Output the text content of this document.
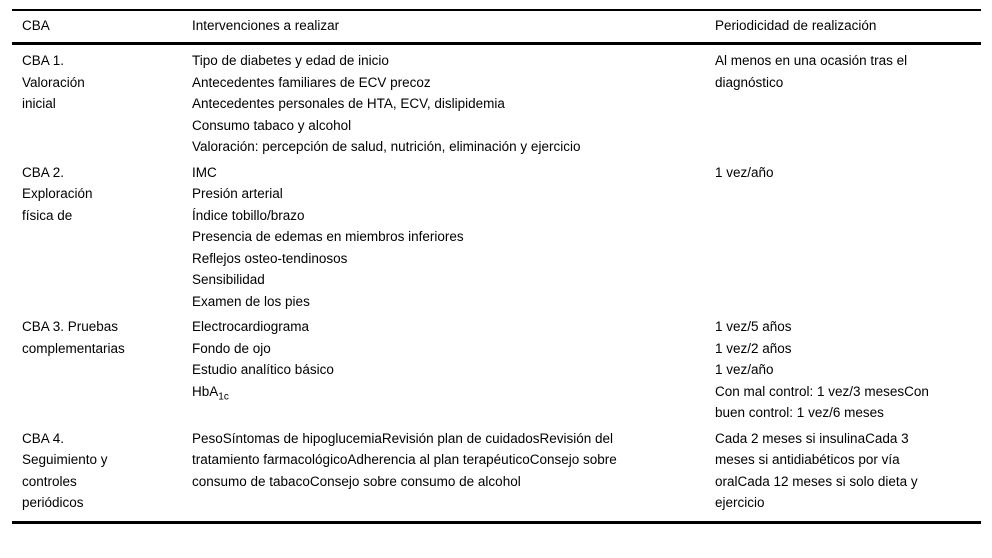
CBA	Intervenciones a realizar	Periodicidad de realización

CBA 1.

Valoración

inicial

Tipo de diabetes y edad de inicio

Antecedentes familiares de ECV precoz

Antecedentes personales de HTA, ECV, dislipidemia

Consumo tabaco y alcohol

Valoración: percepción de salud, nutrición, eliminación y ejercicio

Al menos en una ocasión tras el diagnóstico

CBA 2.

Exploración

física de

IMC

Presión arterial

Índice tobillo/brazo

Presencia de edemas en miembros inferiores

Reflejos osteo-tendinosos

Sensibilidad

Examen de los pies

1 vez/año

CBA 3. Pruebas

complementarias

Electrocardiograma

Fondo de ojo

Estudio analítico básico

HbA$_{1c}$

1 vez/5 años

1 vez/2 años

1 vez/año

Con mal control: 1 vez/3 mesesCon buen control: 1 vez/6 meses

CBA 4.

Seguimiento y

controles

periódicos

PesoSíntomas de hipoglucemiaRevisión plan de cuidadosRevisión del tratamiento farmacológicoAdherencia al plan terapéuticoConsejo sobre consumo de tabacoConsejo sobre consumo de alcohol

Cada 2 meses si insulinaCada 3 meses si antidiabéticos por vía oralCada 12 meses si solo dieta y ejercicio
